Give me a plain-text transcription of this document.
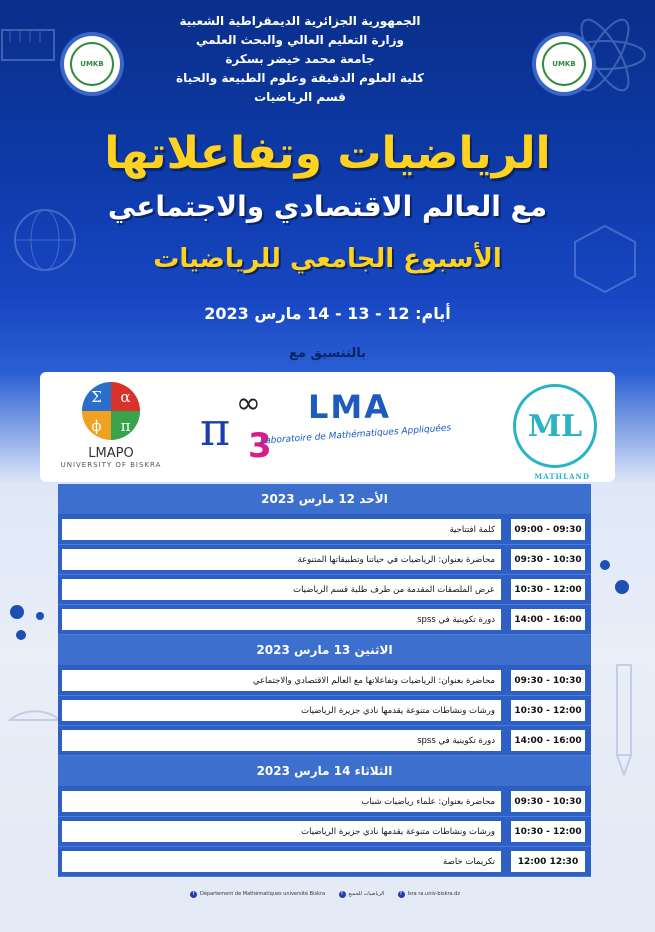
UMKB	UMKB
الجمهورية الجزائرية الديمقراطية الشعبية
وزارة التعليم العالي والبحث العلمي
جامعة محمد خيضر بسكرة
كلية العلوم الدقيقة وعلوم الطبيعة والحياة
قسم الرياضيات
الرياضيات وتفاعلاتها
مع العالم الاقتصادي والاجتماعي
الأسبوع الجامعي للرياضيات
أيام: 12 - 13 - 14 مارس 2023
بالتنسيق مع
Σ	α
ϕ	π
LMAPO
UNIVERSITY OF BISKRA
π ∞
3
LMA
Laboratoire de Mathématiques Appliquées	ML
MATHLAND
الأحد 12 مارس 2023
09:00 - 09:30
كلمة افتتاحية
09:30 - 10:30
محاضرة بعنوان: الرياضيات في حياتنا وتطبيقاتها المتنوعة
10:30 - 12:00
عرض الملصقات المقدمة من طرف طلبة قسم الرياضيات
14:00 - 16:00
دورة تكوينية في spss
الاثنين 13 مارس 2023
09:30 - 10:30
محاضرة بعنوان: الرياضيات وتفاعلاتها مع العالم الاقتصادي والاجتماعي
10:30 - 12:00
ورشات ونشاطات متنوعة يقدمها نادي جزيرة الرياضيات
14:00 - 16:00
دورة تكوينية في spss
الثلاثاء 14 مارس 2023
09:30 - 10:30
محاضرة بعنوان: علماء رياضيات شباب
10:30 - 12:00
ورشات ونشاطات متنوعة يقدمها نادي جزيرة الرياضيات
12:00 12:30
تكريمات خاصة
f	Département de Mathématiques université Biskra	f	الرياضيات للجميع	f	Isra ra.univ-biskra.dz
